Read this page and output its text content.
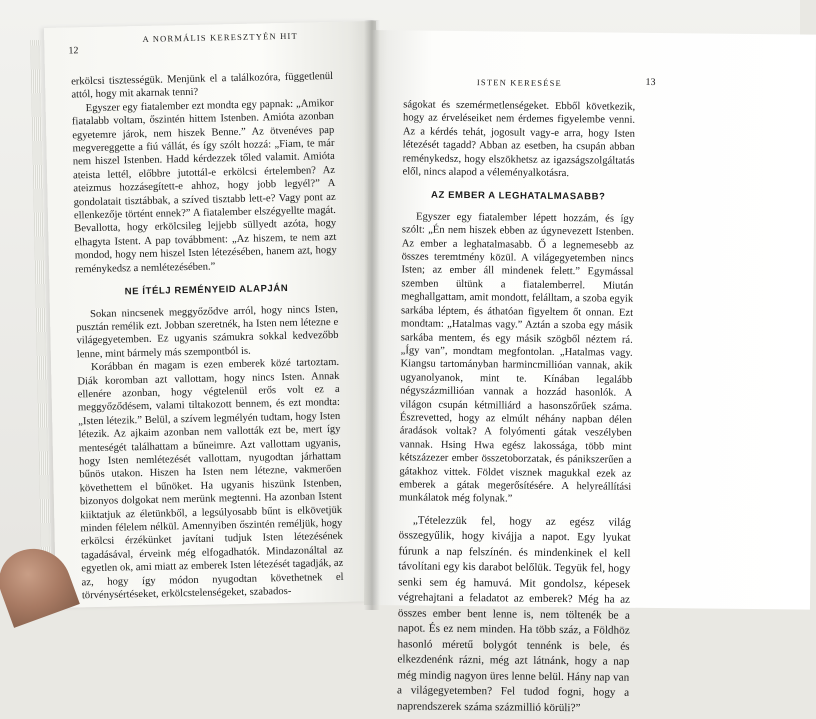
12
A NORMÁLIS KERESZTYÉN HIT

erkölcsi tisztességük. Menjünk el a találkozóra, függetlenül attól, hogy mit akarnak tenni?

Egyszer egy fiatalember ezt mondta egy papnak: „Amikor fiatalabb voltam, őszintén hittem Istenben. Amióta azonban egyetemre járok, nem hiszek Benne.” Az ötvenéves pap megvereggette a fiú vállát, és így szólt hozzá: „Fiam, te már nem hiszel Istenben. Hadd kérdezzek tőled valamit. Amióta ateista lettél, előbbre jutottál-e erkölcsi értelemben? Az ateizmus hozzásegített-e ahhoz, hogy jobb legyél?” A gondolatait tisztábbak, a szíved tisztabb lett-e? Vagy pont az ellenkezője történt ennek?” A fiatalember elszégyellte magát. Bevallotta, hogy erkölcsileg lejjebb süllyedt azóta, hogy elhagyta Istent. A pap továbbment: „Az hiszem, te nem azt mondod, hogy nem hiszel Isten létezésében, hanem azt, hogy reménykedsz a nemlétezésében.”

NE ÍTÉLJ REMÉNYEID ALAPJÁN

Sokan nincsenek meggyőződve arról, hogy nincs Isten, pusztán remélik ezt. Jobban szeretnék, ha Isten nem létezne e világegyetemben. Ez ugyanis számukra sokkal kedvezőbb lenne, mint bármely más szempontból is.

Korábban én magam is ezen emberek közé tartoztam. Diák koromban azt vallottam, hogy nincs Isten. Annak ellenére azonban, hogy végtelenül erős volt ez a meggyőződésem, valami tiltakozott bennem, és ezt mondta: „Isten létezik.” Belül, a szívem legmélyén tudtam, hogy Isten létezik. Az ajkaim azonban nem vallották ezt be, mert így menteségét találhattam a bűneimre. Azt vallottam ugyanis, hogy Isten nemlétezését vallottam, nyugodtan járhattam bűnös utakon. Hiszen ha Isten nem létezne, vakmerően követhettem el bűnöket. Ha ugyanis hiszünk Istenben, bizonyos dolgokat nem merünk megtenni. Ha azonban Istent kiiktatjuk az életünkből, a legsúlyosabb bűnt is elkövetjük minden félelem nélkül. Amennyiben őszintén reméljük, hogy erkölcsi érzékünket javítani tudjuk Isten létezésének tagadásával, érveink még elfogadhatók. Mindazonáltal az egyetlen ok, ami miatt az emberek Isten létezését tagadják, az az, hogy így módon nyugodtan követhetnek el törvénysértéseket, erkölcstelenségeket, szabados-

ISTEN KERESÉSE	13

ságokat és szemérmetlenségeket. Ebből következik, hogy az érveléseiket nem érdemes figyelembe venni. Az a kérdés tehát, jogosult vagy-e arra, hogy Isten létezését tagadd? Abban az esetben, ha csupán abban reménykedsz, hogy elszökhetsz az igazságszolgáltatás elől, nincs alapod a véleményalkotásra.

AZ EMBER A LEGHATALMASABB?

Egyszer egy fiatalember lépett hozzám, és így szólt: „Én nem hiszek ebben az úgynevezett Istenben. Az ember a leghatalmasabb. Ő a legnemesebb az összes teremtmény közül. A világegyetemben nincs Isten; az ember áll mindenek felett.” Egymással szemben ültünk a fiatalemberrel. Miután meghallgattam, amit mondott, felálltam, a szoba egyik sarkába léptem, és áthatóan figyeltem őt onnan. Ezt mondtam: „Hatalmas vagy.” Aztán a szoba egy másik sarkába mentem, és egy másik szögből néztem rá. „Így van”, mondtam megfontolan. „Hatalmas vagy. Kiangsu tartományban harmincmillióan vannak, akik ugyanolyanok, mint te. Kínában legalább négyszázmillióan vannak a hozzád hasonlók. A világon csupán kétmilliárd a hasonszőrűek száma. Észrevetted, hogy az elmúlt néhány napban délen áradások voltak? A folyómenti gátak veszélyben vannak. Hsing Hwa egész lakossága, több mint kétszázezer ember összetoborzatak, és pánikszerűen a gátakhoz vittek. Földet visznek magukkal ezek az emberek a gátak megerősítésére. A helyreállítási munkálatok még folynak.”

„Tételezzük fel, hogy az egész világ összegyűlik, hogy kivájja a napot. Egy lyukat fúrunk a nap felszínén. és mindenkinek el kell távolítani egy kis darabot belőlük. Tegyük fel, hogy senki sem ég hamuvá. Mit gondolsz, képesek végrehajtani a feladatot az emberek? Még ha az összes ember bent lenne is, nem töltenék be a napot. És ez nem minden. Ha több száz, a Földhöz hasonló méretű bolygót tennénk is bele, és elkezdenénk rázni, még azt látnánk, hogy a nap még mindig nagyon üres lenne belül. Hány nap van a világegyetemben? Fel tudod fogni, hogy a naprendszerek száma százmillió körüli?”
